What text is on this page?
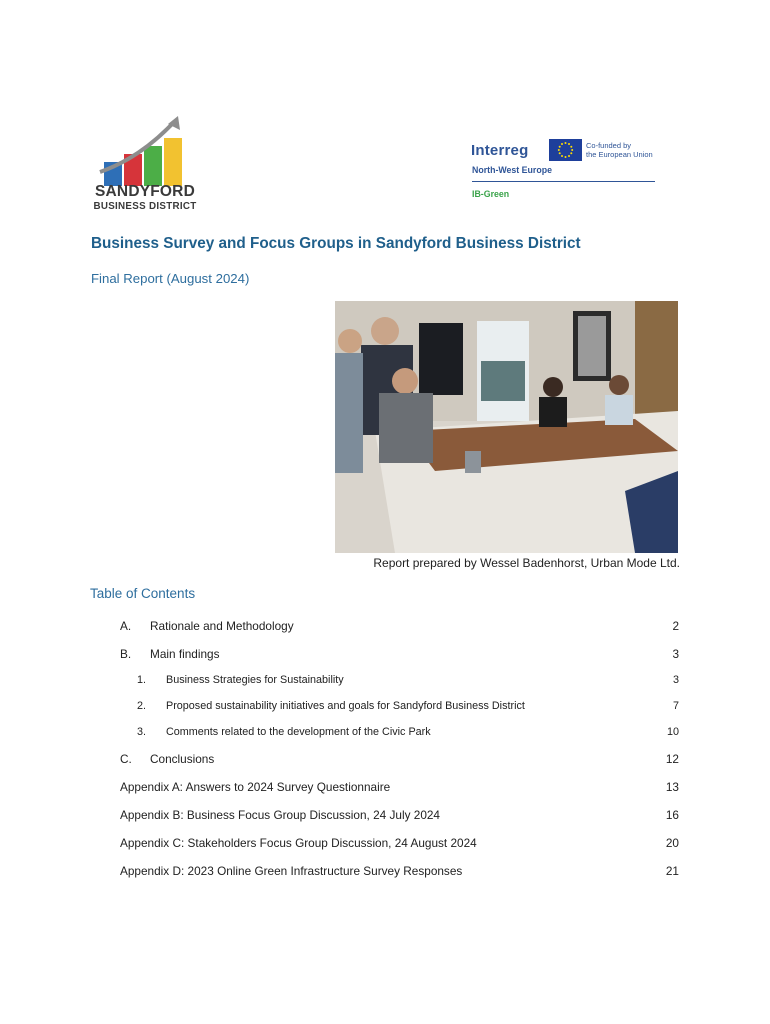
SANDYFORD
BUSINESS DISTRICT
Interreg	Co-funded by
the European Union
North-West Europe
IB-Green
Business Survey and Focus Groups in Sandyford Business District
Final Report (August 2024)
Report prepared by Wessel Badenhorst, Urban Mode Ltd.
Table of Contents
A. Rationale and Methodology	2
B. Main findings	3
1. Business Strategies for Sustainability	3
2. Proposed sustainability initiatives and goals for Sandyford Business District	7
3. Comments related to the development of the Civic Park	10
C. Conclusions	12
Appendix A: Answers to 2024 Survey Questionnaire	13
Appendix B: Business Focus Group Discussion, 24 July 2024	16
Appendix C: Stakeholders Focus Group Discussion, 24 August 2024	20
Appendix D: 2023 Online Green Infrastructure Survey Responses	21
